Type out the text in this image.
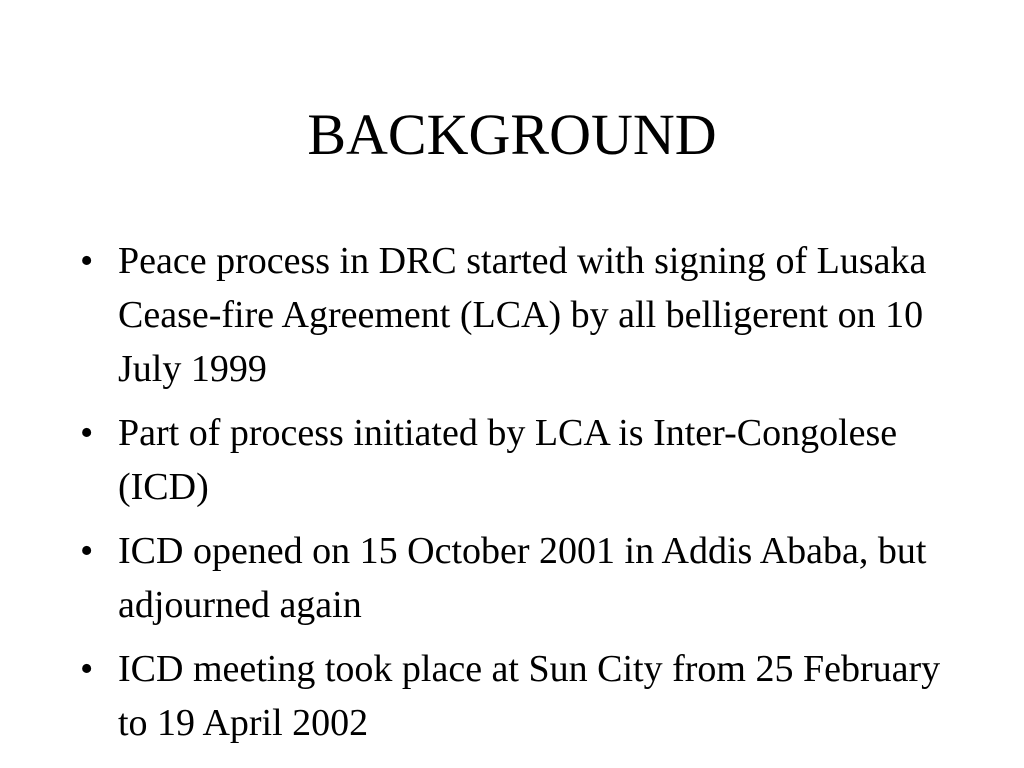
BACKGROUND
• Peace process in DRC started with signing of Lusaka Cease-fire Agreement (LCA) by all belligerent on 10 July 1999
• Part of process initiated by LCA is Inter-Congolese (ICD)
• ICD opened on 15 October 2001 in Addis Ababa, but adjourned again
• ICD meeting took place at Sun City from 25 February to 19 April 2002
